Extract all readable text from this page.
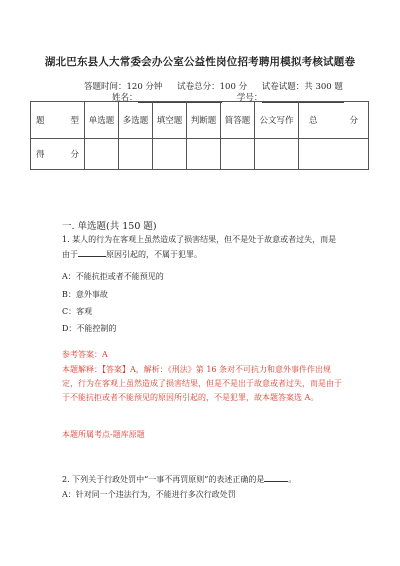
湖北巴东县人大常委会办公室公益性岗位招考聘用模拟考核试题卷
答题时间：120 分钟 试卷总分：100 分 试卷试题：共 300 题
姓名：	学号：
题 型	单选题	多选题	填空题	判断题	简答题	公文写作	总 分

得 分							

一. 单选题(共 150 题)
1. 某人的行为在客观上虽然造成了损害结果，但不是处于故意或者过失，而是
由于	原因引起的，不属于犯罪。
A：不能抗拒或者不能预见的
B：意外事故
C：客观
D：不能控制的
参考答案：A
本题解释：【答案】A，解析：《刑法》第 16 条对不可抗力和意外事件作出规
定，行为在客观上虽然造成了损害结果，但是不是出于故意或者过失，而是由于
于不能抗拒或者不能预见的原因所引起的，不是犯罪，故本题答案选 A。
本题所属考点-题库原题
2. 下列关于行政处罚中“一事不再罚原则”的表述正确的是	。
A：针对同一个违法行为，不能进行多次行政处罚
